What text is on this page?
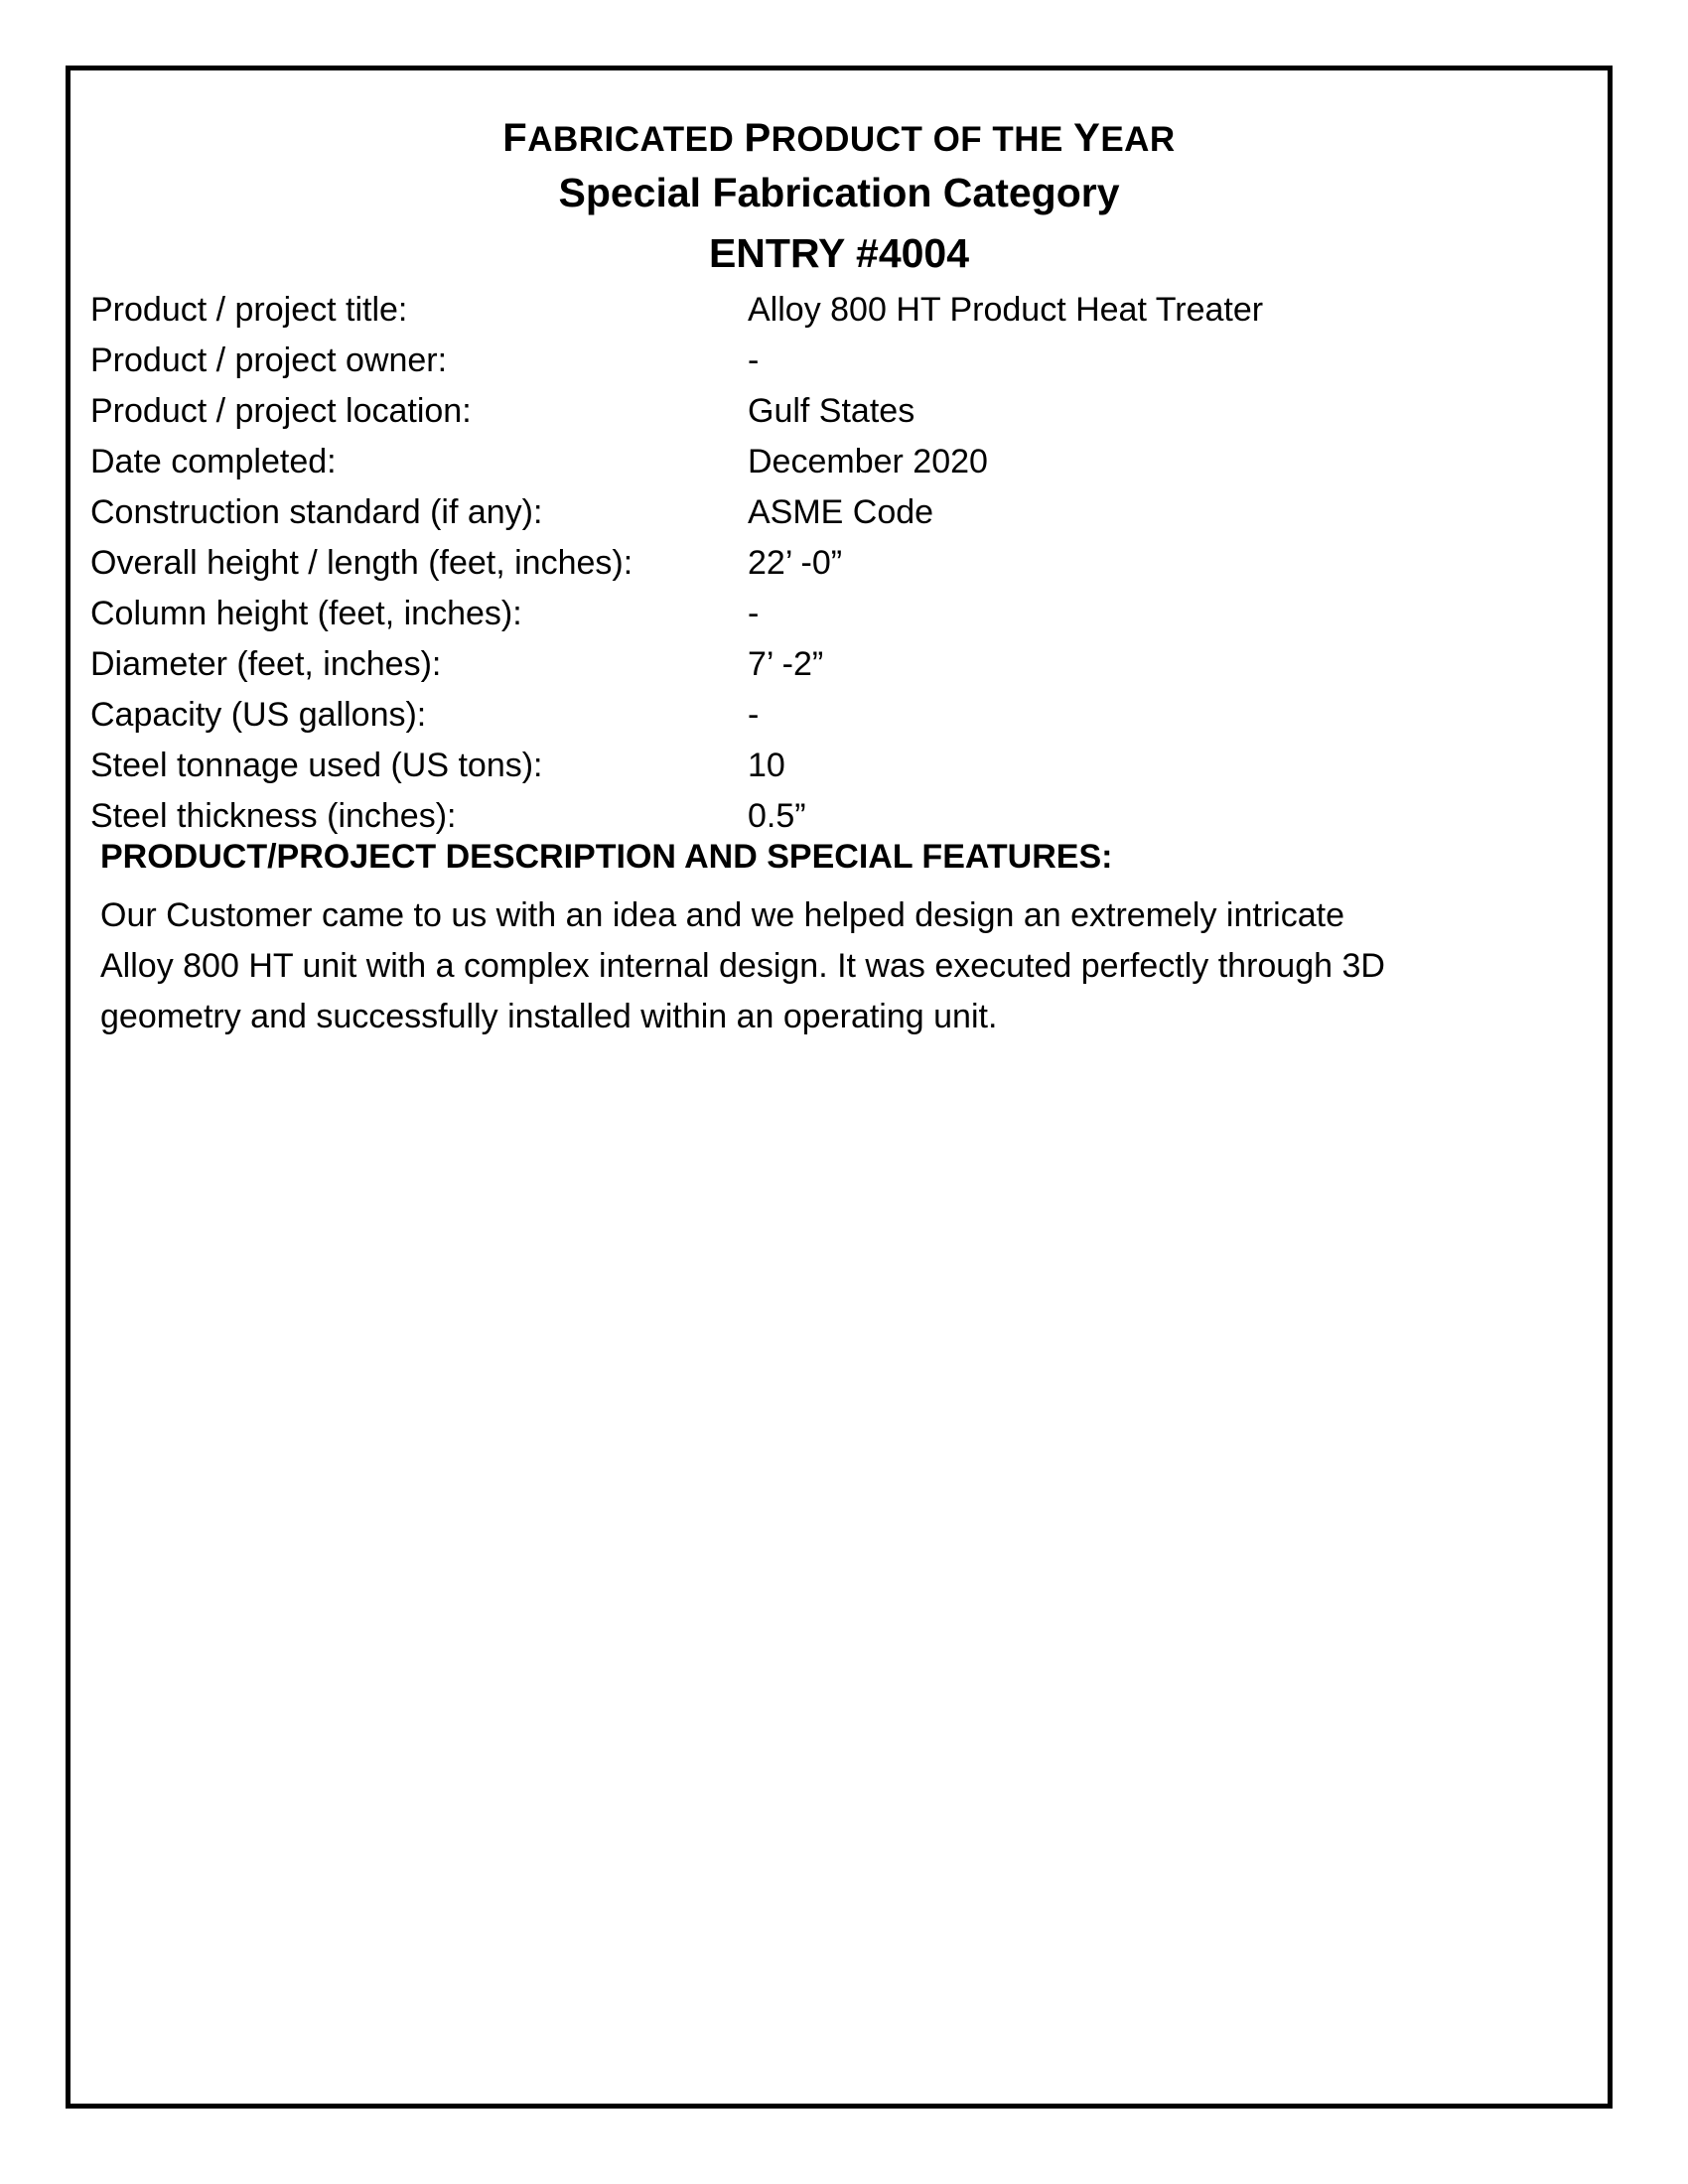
FABRICATED PRODUCT OF THE YEAR
Special Fabrication Category
ENTRY #4004
Product / project title:	Alloy 800 HT Product Heat Treater
Product / project owner:	-
Product / project location:	Gulf States
Date completed:	December 2020
Construction standard (if any):	ASME Code
Overall height / length (feet, inches):	22’ -0”
Column height (feet, inches):	-
Diameter (feet, inches):	7’ -2”
Capacity (US gallons):	-
Steel tonnage used (US tons):	10
Steel thickness (inches):	0.5”
PRODUCT/PROJECT DESCRIPTION AND SPECIAL FEATURES:
Our Customer came to us with an idea and we helped design an extremely intricate
Alloy 800 HT unit with a complex internal design. It was executed perfectly through 3D
geometry and successfully installed within an operating unit.
